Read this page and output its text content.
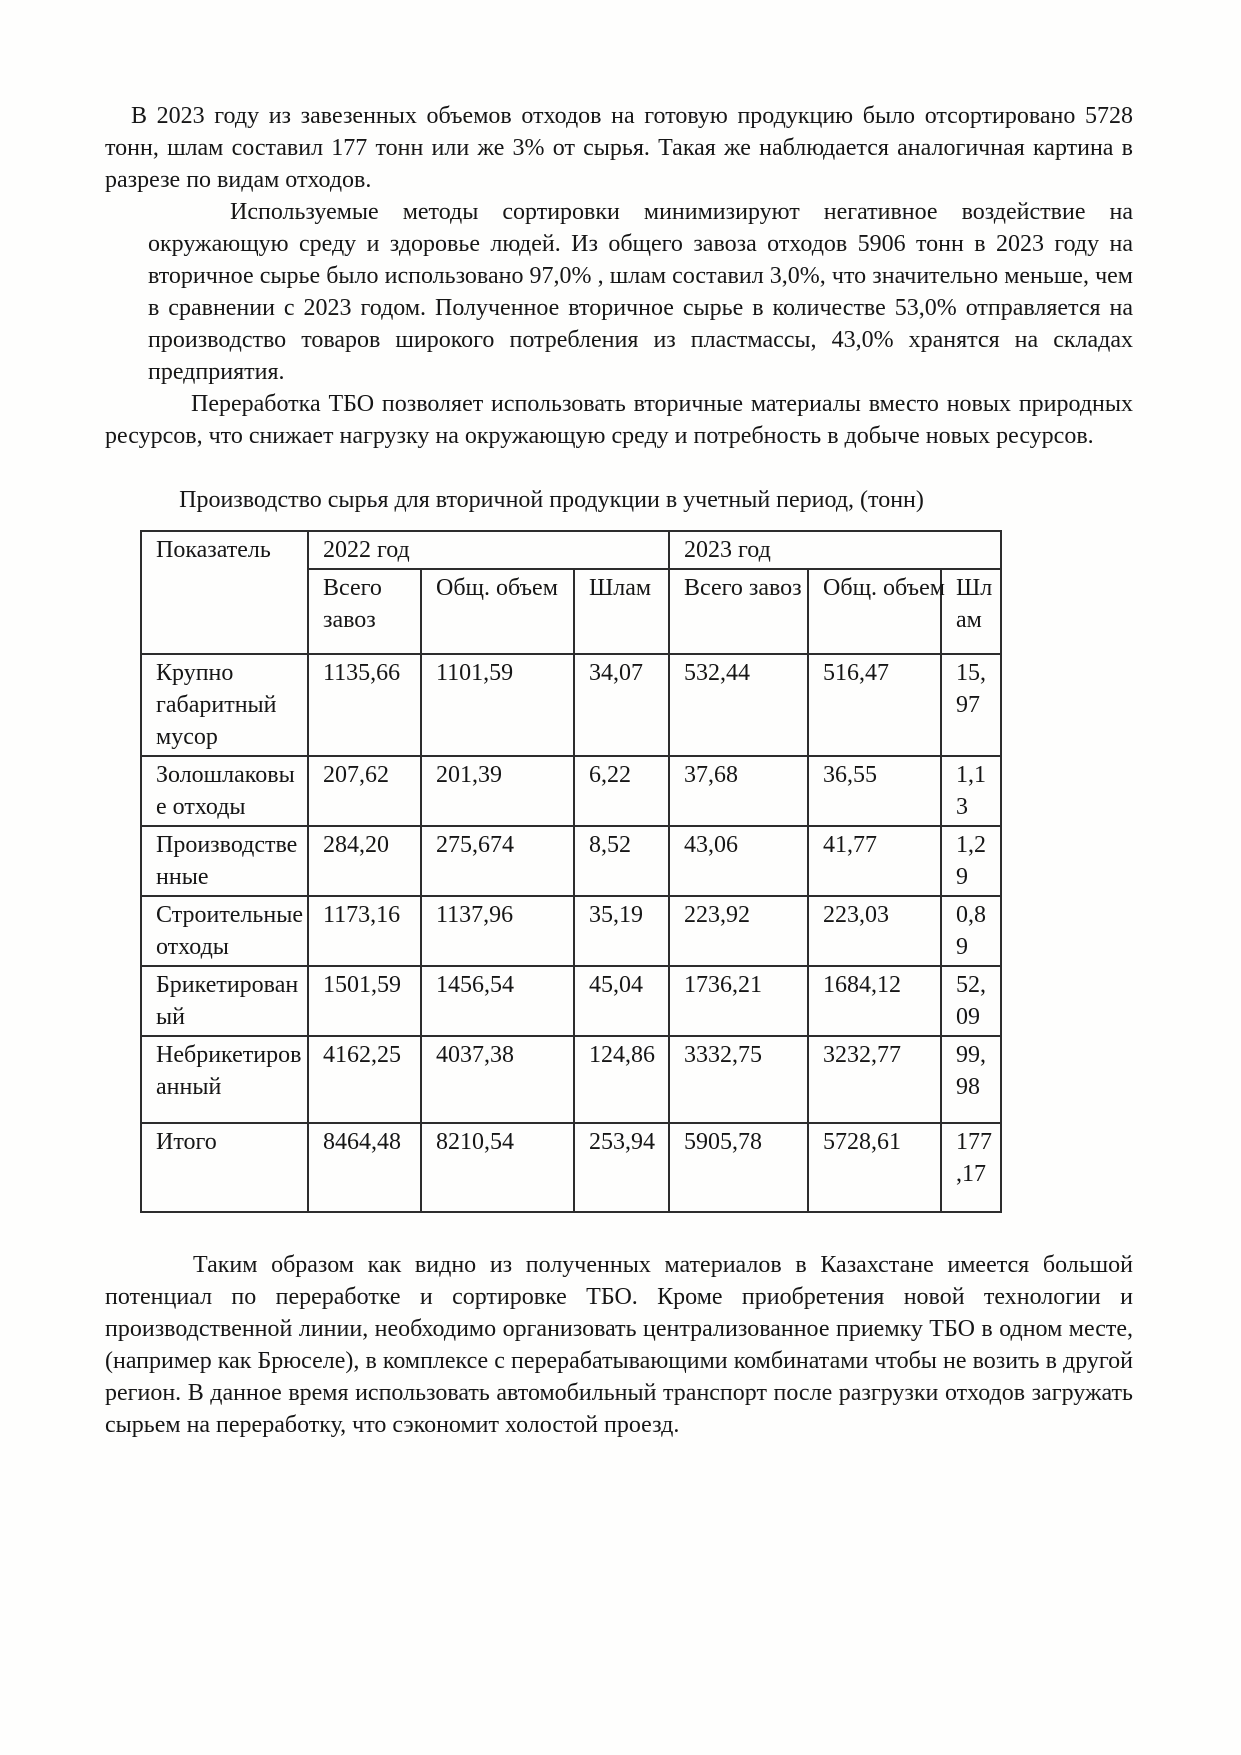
В 2023 году из завезенных объемов отходов на готовую продукцию было отсортировано 5728 тонн, шлам составил 177 тонн или же 3% от сырья. Такая же наблюдается аналогичная картина в разрезе по видам отходов.

Используемые методы сортировки минимизируют негативное воздействие на окружающую среду и здоровье людей. Из общего завоза отходов 5906 тонн в 2023 году на вторичное сырье было использовано 97,0% , шлам составил 3,0%, что значительно меньше, чем в сравнении с 2023 годом. Полученное вторичное сырье в количестве 53,0% отправляется на производство товаров широкого потребления из пластмассы, 43,0% хранятся на складах предприятия.

Переработка ТБО позволяет использовать вторичные материалы вместо новых природных ресурсов, что снижает нагрузку на окружающую среду и потребность в добыче новых ресурсов.

Производство сырья для вторичной продукции в учетный период, (тонн)

Показатель	2022 год			2023 год		
	Всего завоз	Общ. объем	Шлам	Всего завоз	Общ. объем	Шлам
Крупно габаритный мусор	1135,66	1101,59	34,07	532,44	516,47	15,97
Золошлаковые отходы	207,62	201,39	6,22	37,68	36,55	1,13
Производственные	284,20	275,674	8,52	43,06	41,77	1,29
Строительные отходы	1173,16	1137,96	35,19	223,92	223,03	0,89
Брикетированый	1501,59	1456,54	45,04	1736,21	1684,12	52,09
Небрикетированный	4162,25	4037,38	124,86	3332,75	3232,77	99,98
Итого	8464,48	8210,54	253,94	5905,78	5728,61	177,17

Таким образом как видно из полученных материалов в Казахстане имеется большой потенциал по переработке и сортировке ТБО. Кроме приобретения новой технологии и производственной линии, необходимо организовать централизованное приемку ТБО в одном месте, (например как Брюселе), в комплексе с перерабатывающими комбинатами чтобы не возить в другой регион. В данное время использовать автомобильный транспорт после разгрузки отходов загружать сырьем на переработку, что сэкономит холостой проезд.
